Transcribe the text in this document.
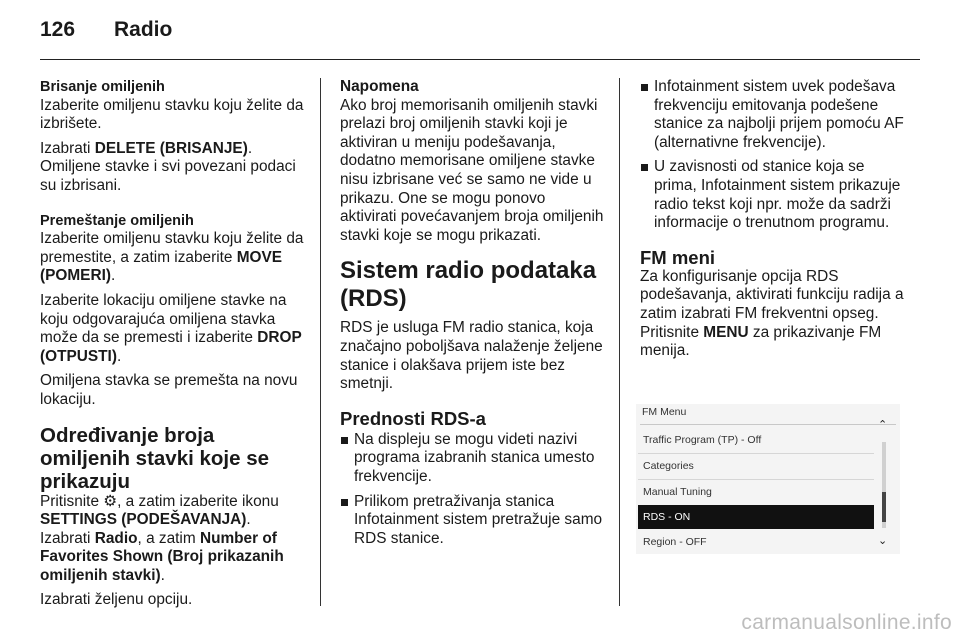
126	Radio
Brisanje omiljenih
Izaberite omiljenu stavku koju želite da izbrišete.
Izabrati DELETE (BRISANJE).
Omiljene stavke i svi povezani podaci su izbrisani.
Premeštanje omiljenih
Izaberite omiljenu stavku koju želite da premestite, a zatim izaberite MOVE (POMERI).
Izaberite lokaciju omiljene stavke na koju odgovarajuća omiljena stavka može da se premesti i izaberite DROP (OTPUSTI).
Omiljena stavka se premešta na novu lokaciju.
Određivanje broja omiljenih stavki koje se prikazuju
Pritisnite ⚙, a zatim izaberite ikonu SETTINGS (PODEŠAVANJA).
Izabrati Radio, a zatim Number of Favorites Shown (Broj prikazanih omiljenih stavki).
Izabrati željenu opciju.
Napomena
Ako broj memorisanih omiljenih stavki prelazi broj omiljenih stavki koji je aktiviran u meniju podešavanja, dodatno memorisane omiljene stavke nisu izbrisane već se samo ne vide u prikazu. One se mogu ponovo aktivirati povećavanjem broja omiljenih stavki koje se mogu prikazati.
Sistem radio podataka (RDS)
RDS je usluga FM radio stanica, koja značajno poboljšava nalaženje željene stanice i olakšava prijem iste bez smetnji.
Prednosti RDS-a
Na displeju se mogu videti nazivi programa izabranih stanica umesto frekvencije.
Prilikom pretraživanja stanica Infotainment sistem pretražuje samo RDS stanice.
Infotainment sistem uvek podešava frekvenciju emitovanja podešene stanice za najbolji prijem pomoću AF (alternativne frekvencije).
U zavisnosti od stanice koja se prima, Infotainment sistem prikazuje radio tekst koji npr. može da sadrži informacije o trenutnom programu.
FM meni
Za konfigurisanje opcija RDS podešavanja, aktivirati funkciju radija a zatim izabrati FM frekventni opseg. Pritisnite MENU za prikazivanje FM menija.
FM Menu
Traffic Program (TP) - Off
Categories
Manual Tuning
RDS - ON
Region - OFF
⌃
⌄
carmanualsonline.info
